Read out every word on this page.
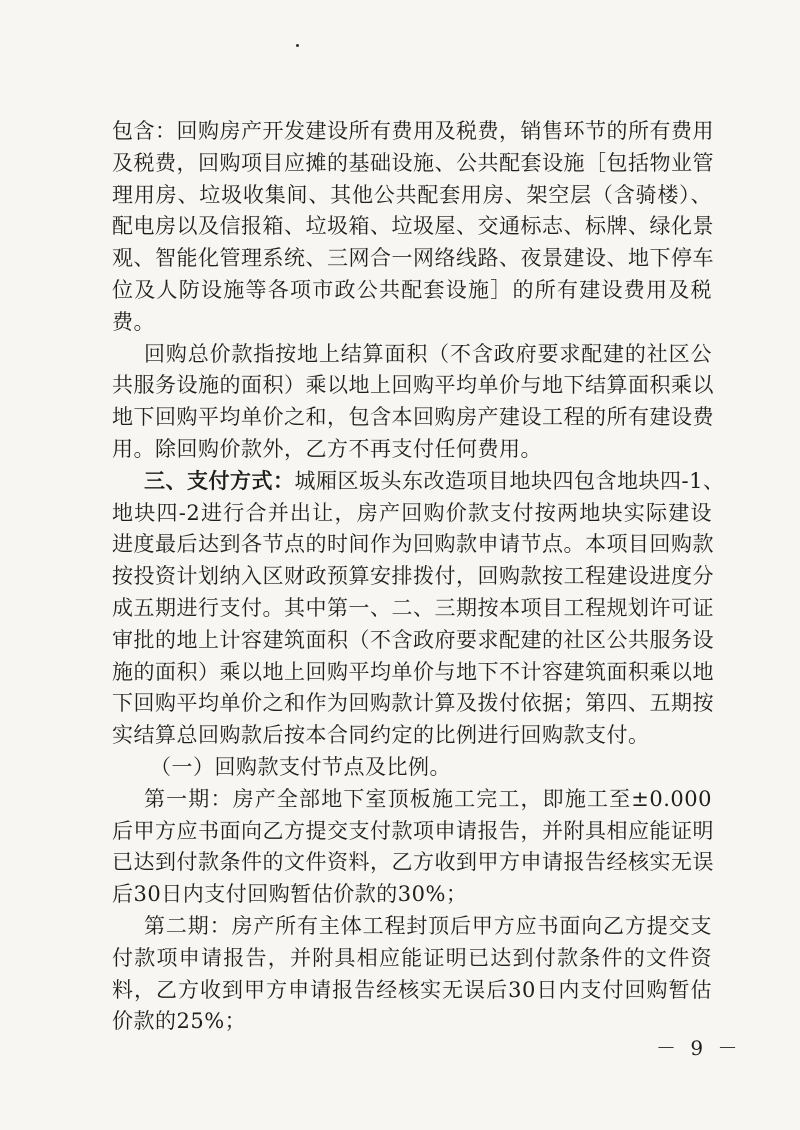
包含：回购房产开发建设所有费用及税费，销售环节的所有费用
及税费，回购项目应摊的基础设施、公共配套设施［包括物业管
理用房、垃圾收集间、其他公共配套用房、架空层（含骑楼）、
配电房以及信报箱、垃圾箱、垃圾屋、交通标志、标牌、绿化景
观、智能化管理系统、三网合一网络线路、夜景建设、地下停车
位及人防设施等各项市政公共配套设施］的所有建设费用及税
费。
回购总价款指按地上结算面积（不含政府要求配建的社区公
共服务设施的面积）乘以地上回购平均单价与地下结算面积乘以
地下回购平均单价之和，包含本回购房产建设工程的所有建设费
用。除回购价款外，乙方不再支付任何费用。
三、支付方式：城厢区坂头东改造项目地块四包含地块四-1、
地块四-2进行合并出让，房产回购价款支付按两地块实际建设
进度最后达到各节点的时间作为回购款申请节点。本项目回购款
按投资计划纳入区财政预算安排拨付，回购款按工程建设进度分
成五期进行支付。其中第一、二、三期按本项目工程规划许可证
审批的地上计容建筑面积（不含政府要求配建的社区公共服务设
施的面积）乘以地上回购平均单价与地下不计容建筑面积乘以地
下回购平均单价之和作为回购款计算及拨付依据；第四、五期按
实结算总回购款后按本合同约定的比例进行回购款支付。
（一）回购款支付节点及比例。
第一期：房产全部地下室顶板施工完工，即施工至±0.000
后甲方应书面向乙方提交支付款项申请报告，并附具相应能证明
已达到付款条件的文件资料，乙方收到甲方申请报告经核实无误
后30日内支付回购暂估价款的30%；
第二期：房产所有主体工程封顶后甲方应书面向乙方提交支
付款项申请报告，并附具相应能证明已达到付款条件的文件资
料，乙方收到甲方申请报告经核实无误后30日内支付回购暂估
价款的25%；
－ 9 －
